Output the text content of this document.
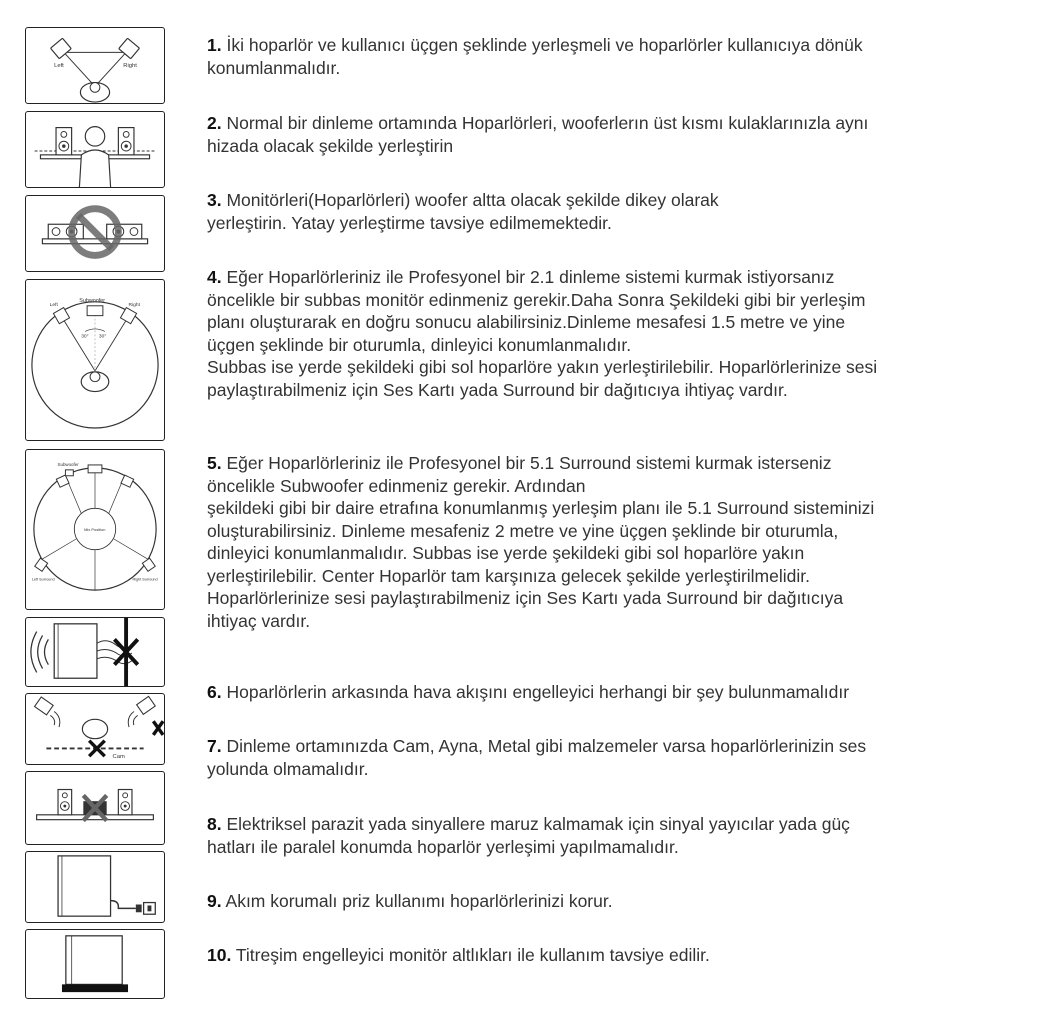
Left	Right
30° 30°
Subwoofer
Left	Right
Mix Position
Subwoofer
Left Surround	Right Surround
Cam
1. İki hoparlör ve kullanıcı üçgen şeklinde yerleşmeli ve hoparlörler kullanıcıya dönük
konumlanmalıdır.
2. Normal bir dinleme ortamında Hoparlörleri, wooferlerın üst kısmı kulaklarınızla aynı
hizada olacak şekilde yerleştirin
3. Monitörleri(Hoparlörleri) woofer altta olacak şekilde dikey olarak
yerleştirin. Yatay yerleştirme tavsiye edilmemektedir.
4. Eğer Hoparlörleriniz ile Profesyonel bir 2.1 dinleme sistemi kurmak istiyorsanız
öncelikle bir subbas monitör edinmeniz gerekir.Daha Sonra Şekildeki gibi bir yerleşim
planı oluşturarak en doğru sonucu alabilirsiniz.Dinleme mesafesi 1.5 metre ve yine
üçgen şeklinde bir oturumla, dinleyici konumlanmalıdır.
Subbas ise yerde şekildeki gibi sol hoparlöre yakın yerleştirilebilir. Hoparlörlerinize sesi
paylaştırabilmeniz için Ses Kartı yada Surround bir dağıtıcıya ihtiyaç vardır.
5. Eğer Hoparlörleriniz ile Profesyonel bir 5.1 Surround sistemi kurmak isterseniz
öncelikle Subwoofer edinmeniz gerekir. Ardından
şekildeki gibi bir daire etrafına konumlanmış yerleşim planı ile 5.1 Surround sisteminizi
oluşturabilirsiniz. Dinleme mesafeniz 2 metre ve yine üçgen şeklinde bir oturumla,
dinleyici konumlanmalıdır. Subbas ise yerde şekildeki gibi sol hoparlöre yakın
yerleştirilebilir. Center Hoparlör tam karşınıza gelecek şekilde yerleştirilmelidir.
Hoparlörlerinize sesi paylaştırabilmeniz için Ses Kartı yada Surround bir dağıtıcıya
ihtiyaç vardır.
6. Hoparlörlerin arkasında hava akışını engelleyici herhangi bir şey bulunmamalıdır
7. Dinleme ortamınızda Cam, Ayna, Metal gibi malzemeler varsa hoparlörlerinizin ses
yolunda olmamalıdır.
8. Elektriksel parazit yada sinyallere maruz kalmamak için sinyal yayıcılar yada güç
hatları ile paralel konumda hoparlör yerleşimi yapılmamalıdır.
9. Akım korumalı priz kullanımı hoparlörlerinizi korur.
10. Titreşim engelleyici monitör altlıkları ile kullanım tavsiye edilir.
